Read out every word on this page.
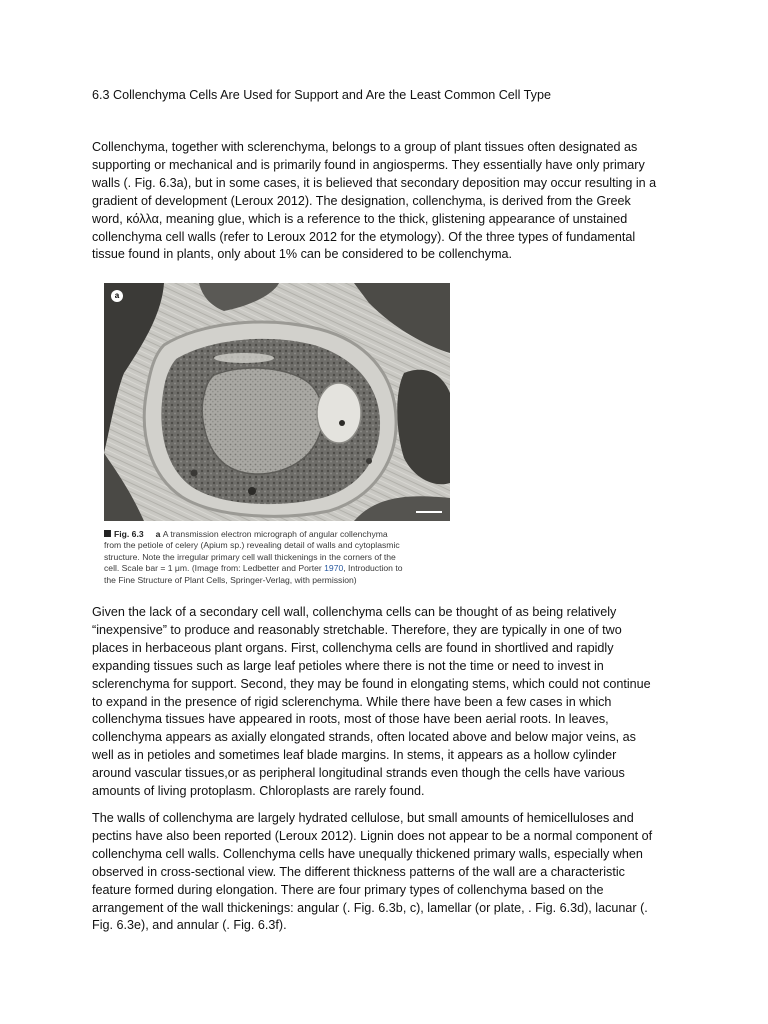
6.3 Collenchyma Cells Are Used for Support and Are the Least Common Cell Type

Collenchyma, together with sclerenchyma, belongs to a group of plant tissues often designated as
supporting or mechanical and is primarily found in angiosperms. They essentially have only primary
walls (. Fig. 6.3a), but in some cases, it is believed that secondary deposition may occur resulting in a
gradient of development (Leroux 2012). The designation, collenchyma, is derived from the Greek
word, κόλλα, meaning glue, which is a reference to the thick, glistening appearance of unstained
collenchyma cell walls (refer to Leroux 2012 for the etymology). Of the three types of fundamental
tissue found in plants, only about 1% can be considered to be collenchyma.

a
Fig. 6.3 a A transmission electron micrograph of angular collenchyma
from the petiole of celery (Apium sp.) revealing detail of walls and cytoplasmic
structure. Note the irregular primary cell wall thickenings in the corners of the
cell. Scale bar = 1 μm. (Image from: Ledbetter and Porter 1970, Introduction to
the Fine Structure of Plant Cells, Springer-Verlag, with permission)

Given the lack of a secondary cell wall, collenchyma cells can be thought of as being relatively
“inexpensive” to produce and reasonably stretchable. Therefore, they are typically in one of two
places in herbaceous plant organs. First, collenchyma cells are found in shortlived and rapidly
expanding tissues such as large leaf petioles where there is not the time or need to invest in
sclerenchyma for support. Second, they may be found in elongating stems, which could not continue
to expand in the presence of rigid sclerenchyma. While there have been a few cases in which
collenchyma tissues have appeared in roots, most of those have been aerial roots. In leaves,
collenchyma appears as axially elongated strands, often located above and below major veins, as
well as in petioles and sometimes leaf blade margins. In stems, it appears as a hollow cylinder
around vascular tissues,or as peripheral longitudinal strands even though the cells have various
amounts of living protoplasm. Chloroplasts are rarely found.

The walls of collenchyma are largely hydrated cellulose, but small amounts of hemicelluloses and
pectins have also been reported (Leroux 2012). Lignin does not appear to be a normal component of
collenchyma cell walls. Collenchyma cells have unequally thickened primary walls, especially when
observed in cross-sectional view. The different thickness patterns of the wall are a characteristic
feature formed during elongation. There are four primary types of collenchyma based on the
arrangement of the wall thickenings: angular (. Fig. 6.3b, c), lamellar (or plate, . Fig. 6.3d), lacunar (.
Fig. 6.3e), and annular (. Fig. 6.3f).
